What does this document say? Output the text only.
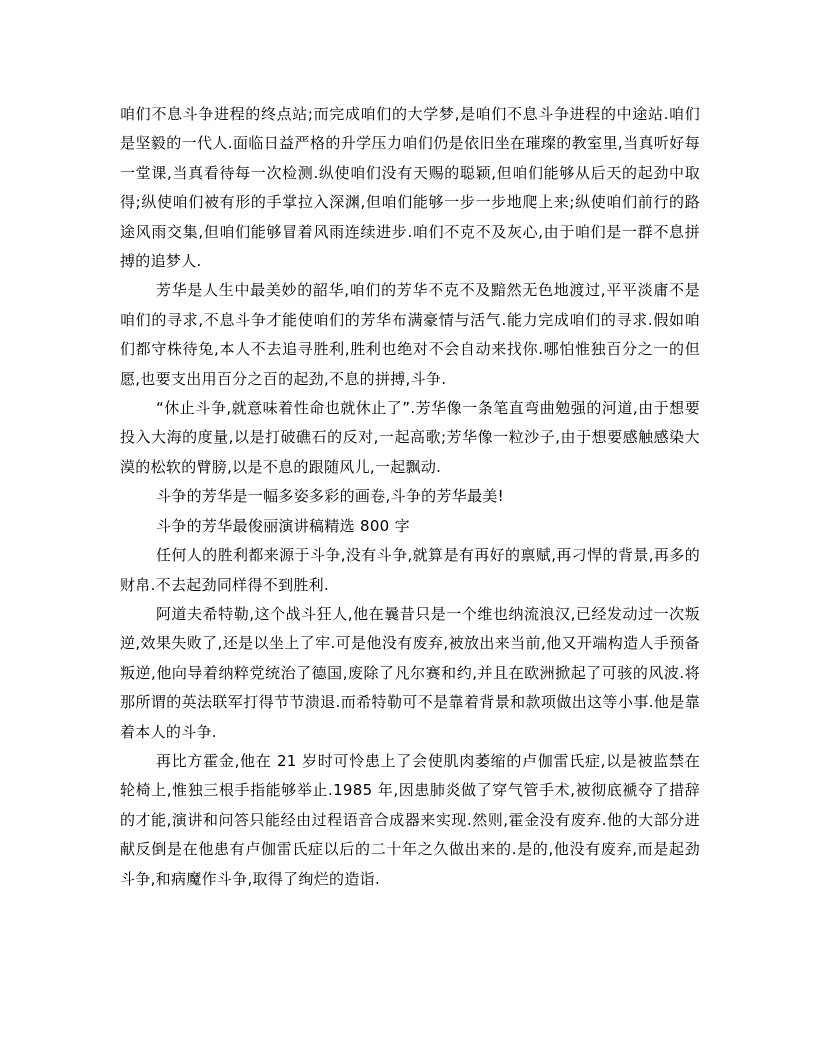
咱们不息斗争进程的终点站;而完成咱们的大学梦,是咱们不息斗争进程的中途站.咱们是坚毅的一代人.面临日益严格的升学压力咱们仍是依旧坐在璀璨的教室里,当真听好每一堂课,当真看待每一次检测.纵使咱们没有天赐的聪颖,但咱们能够从后天的起劲中取得;纵使咱们被有形的手掌拉入深渊,但咱们能够一步一步地爬上来;纵使咱们前行的路途风雨交集,但咱们能够冒着风雨连续进步.咱们不克不及灰心,由于咱们是一群不息拼搏的追梦人.

芳华是人生中最美妙的韶华,咱们的芳华不克不及黯然无色地渡过,平平淡庸不是咱们的寻求,不息斗争才能使咱们的芳华布满豪情与活气.能力完成咱们的寻求.假如咱们都守株待兔,本人不去追寻胜利,胜利也绝对不会自动来找你.哪怕惟独百分之一的但愿,也要支出用百分之百的起劲,不息的拼搏,斗争.

“休止斗争,就意味着性命也就休止了”.芳华像一条笔直弯曲勉强的河道,由于想要投入大海的度量,以是打破礁石的反对,一起高歌;芳华像一粒沙子,由于想要感触感染大漠的松软的臂膀,以是不息的跟随风儿,一起飘动.

斗争的芳华是一幅多姿多彩的画卷,斗争的芳华最美!

斗争的芳华最俊丽演讲稿精选 800 字

任何人的胜利都来源于斗争,没有斗争,就算是有再好的禀赋,再刁悍的背景,再多的财帛.不去起劲同样得不到胜利.

阿道夫希特勒,这个战斗狂人,他在曩昔只是一个维也纳流浪汉,已经发动过一次叛逆,效果失败了,还是以坐上了牢.可是他没有废弃,被放出来当前,他又开端构造人手预备叛逆,他向导着纳粹党统治了德国,废除了凡尔赛和约,并且在欧洲掀起了可骇的风波.将那所谓的英法联军打得节节溃退.而希特勒可不是靠着背景和款项做出这等小事.他是靠着本人的斗争.

再比方霍金,他在 21 岁时可怜患上了会使肌肉萎缩的卢伽雷氏症,以是被监禁在轮椅上,惟独三根手指能够举止.1985 年,因患肺炎做了穿气管手术,被彻底褫夺了措辞的才能,演讲和问答只能经由过程语音合成器来实现.然则,霍金没有废弃.他的大部分进献反倒是在他患有卢伽雷氏症以后的二十年之久做出来的.是的,他没有废弃,而是起劲斗争,和病魔作斗争,取得了绚烂的造诣.
